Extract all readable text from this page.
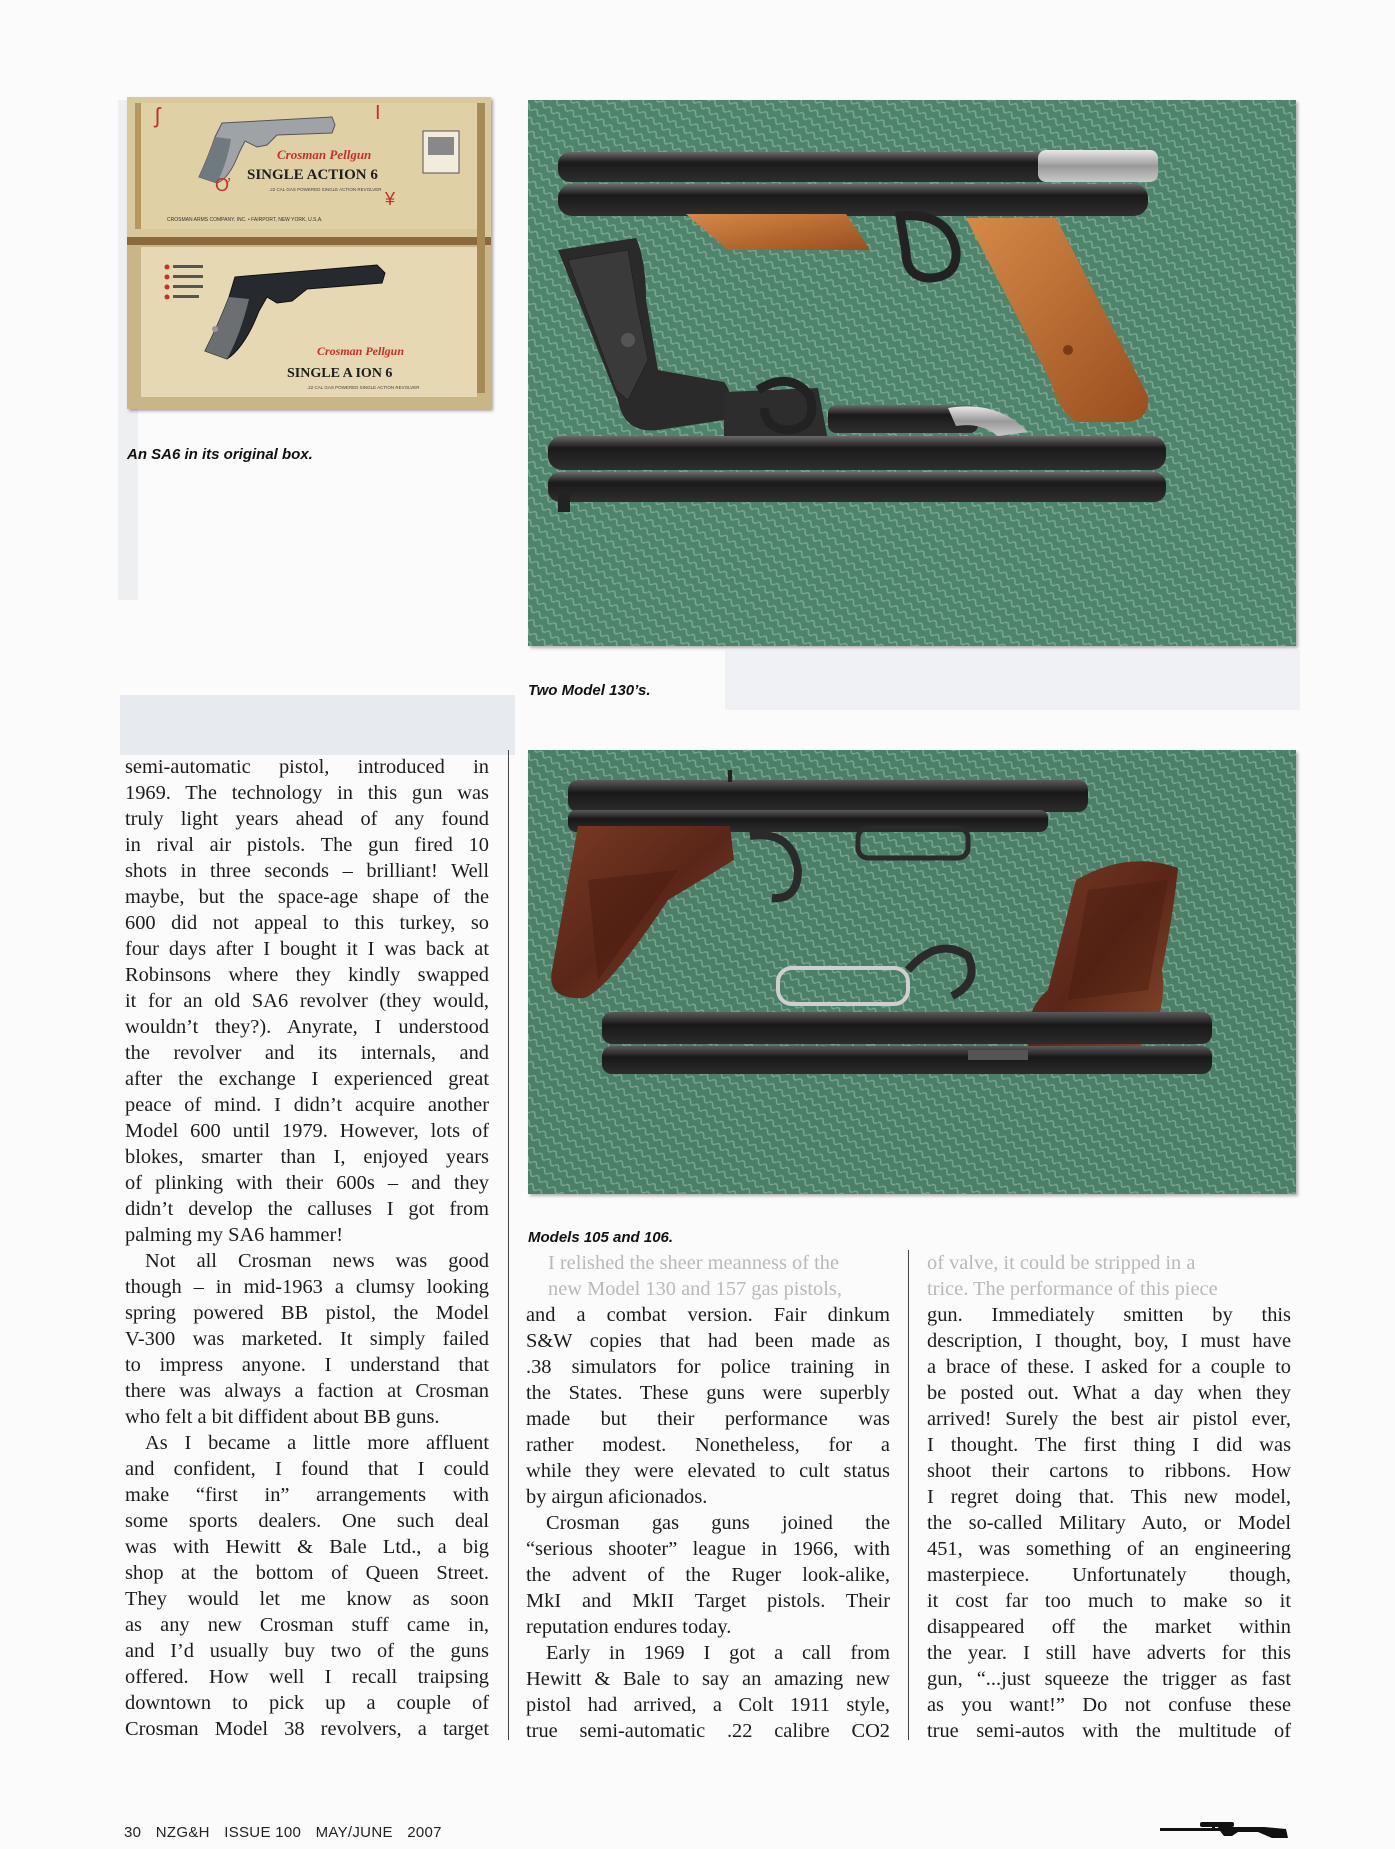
ʃ
Ơ
I
¥
Crosman Pellgun
SINGLE ACTION 6
.22 CAL GAS POWERED SINGLE ACTION REVOLVER
CROSMAN ARMS COMPANY, INC. • FAIRPORT, NEW YORK, U.S.A.
Crosman Pellgun
SINGLE A ION 6
.22 CAL GAS POWERED SINGLE ACTION REVOLVER
An SA6 in its original box.
Two Model 130’s.
Models 105 and 106.
I relished the sheer meanness of the
new Model 130 and 157 gas pistols,
of valve, it could be stripped in a
trice. The performance of this piece
semi-automatic pistol, introduced in
1969. The technology in this gun was
truly light years ahead of any found
in rival air pistols. The gun fired 10
shots in three seconds – brilliant! Well
maybe, but the space-age shape of the
600 did not appeal to this turkey, so
four days after I bought it I was back at
Robinsons where they kindly swapped
it for an old SA6 revolver (they would,
wouldn’t they?). Anyrate, I understood
the revolver and its internals, and
after the exchange I experienced great
peace of mind. I didn’t acquire another
Model 600 until 1979. However, lots of
blokes, smarter than I, enjoyed years
of plinking with their 600s – and they
didn’t develop the calluses I got from
palming my SA6 hammer!
Not all Crosman news was good
though – in mid-1963 a clumsy looking
spring powered BB pistol, the Model
V-300 was marketed. It simply failed
to impress anyone. I understand that
there was always a faction at Crosman
who felt a bit diffident about BB guns.
As I became a little more affluent
and confident, I found that I could
make “first in” arrangements with
some sports dealers. One such deal
was with Hewitt & Bale Ltd., a big
shop at the bottom of Queen Street.
They would let me know as soon
as any new Crosman stuff came in,
and I’d usually buy two of the guns
offered. How well I recall traipsing
downtown to pick up a couple of
Crosman Model 38 revolvers, a target
and a combat version. Fair dinkum
S&W copies that had been made as
.38 simulators for police training in
the States. These guns were superbly
made but their performance was
rather modest. Nonetheless, for a
while they were elevated to cult status
by airgun aficionados.
Crosman gas guns joined the
“serious shooter” league in 1966, with
the advent of the Ruger look-alike,
MkI and MkII Target pistols. Their
reputation endures today.
Early in 1969 I got a call from
Hewitt & Bale to say an amazing new
pistol had arrived, a Colt 1911 style,
true semi-automatic .22 calibre CO2
gun. Immediately smitten by this
description, I thought, boy, I must have
a brace of these. I asked for a couple to
be posted out. What a day when they
arrived! Surely the best air pistol ever,
I thought. The first thing I did was
shoot their cartons to ribbons. How
I regret doing that. This new model,
the so-called Military Auto, or Model
451, was something of an engineering
masterpiece. Unfortunately though,
it cost far too much to make so it
disappeared off the market within
the year. I still have adverts for this
gun, “...just squeeze the trigger as fast
as you want!” Do not confuse these
true semi-autos with the multitude of
30 NZG&H ISSUE 100 MAY/JUNE 2007
